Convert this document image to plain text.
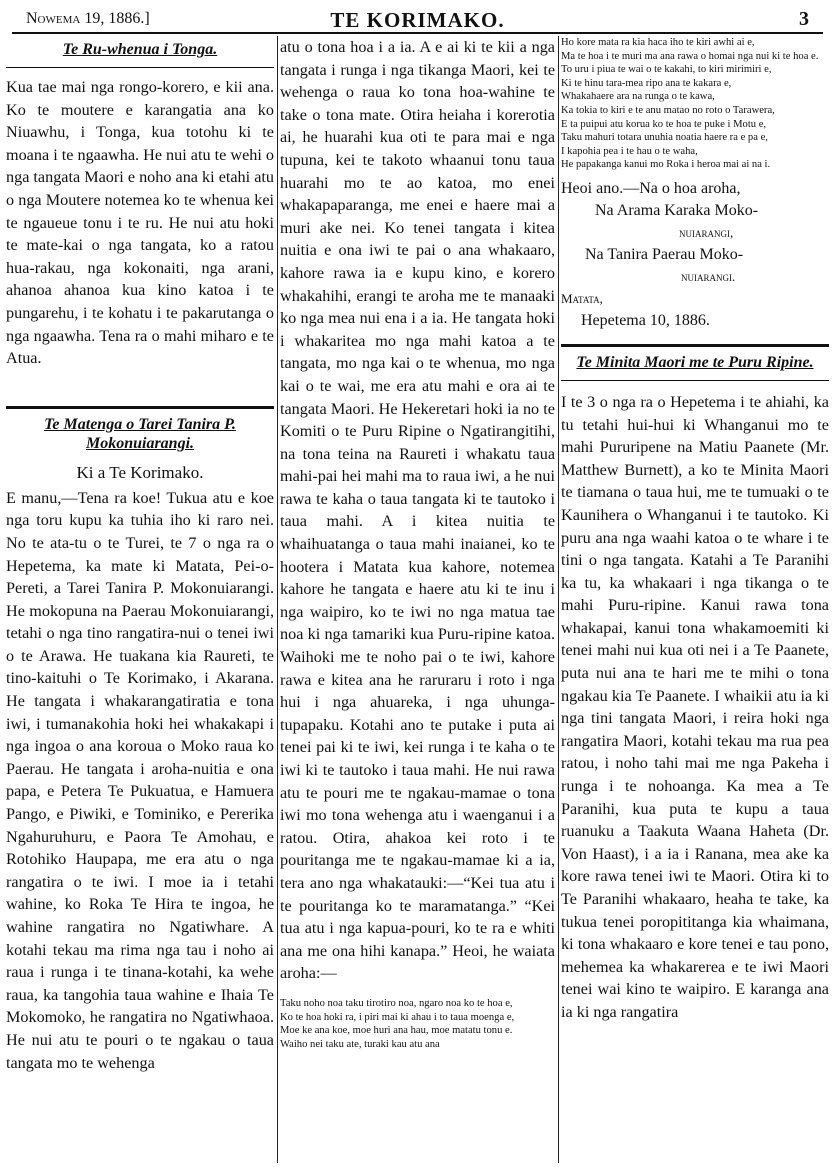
Nowema 19, 1886.]	TE KORIMAKO.	3
Te Ru-whenua i Tonga.

Kua tae mai nga rongo-korero, e kii ana. Ko te moutere e karangatia ana ko Niuawhu, i Tonga, kua totohu ki te moana i te ngaawha. He nui atu te wehi o nga tangata Maori e noho ana ki etahi atu o nga Moutere notemea ko te whenua kei te ngaueue tonu i te ru. He nui atu hoki te mate-kai o nga tangata, ko a ratou hua-rakau, nga kokonaiti, nga arani, ahanoa ahanoa kua kino katoa i te pungarehu, i te kohatu i te pakarutanga o nga ngaawha. Tena ra o mahi miharo e te Atua.

Te Matenga o Tarei Tanira P. Mokonuiarangi.
Ki a Te Korimako.

E manu,—Tena ra koe! Tukua atu e koe nga toru kupu ka tuhia iho ki raro nei. No te ata-tu o te Turei, te 7 o nga ra o Hepetema, ka mate ki Matata, Pei-o-Pereti, a Tarei Tanira P. Mokonuiarangi. He mokopuna na Paerau Mokonuiarangi, tetahi o nga tino rangatira-nui o tenei iwi o te Arawa. He tuakana kia Raureti, te tino-kaituhi o Te Korimako, i Akarana. He tangata i whakarangatiratia e tona iwi, i tumanakohia hoki hei whakakapi i nga ingoa o ana koroua o Moko raua ko Paerau. He tangata i aroha-nuitia e ona papa, e Petera Te Pukuatua, e Hamuera Pango, e Piwiki, e Tominiko, e Pererika Ngahuruhuru, e Paora Te Amohau, e Rotohiko Haupapa, me era atu o nga rangatira o te iwi. I moe ia i tetahi wahine, ko Roka Te Hira te ingoa, he wahine rangatira no Ngatiwhare. A kotahi tekau ma rima nga tau i noho ai raua i runga i te tinana-kotahi, ka wehe raua, ka tangohia taua wahine e Ihaia Te Mokomoko, he rangatira no Ngatiwhaoa. He nui atu te pouri o te ngakau o taua tangata mo te wehenga

atu o tona hoa i a ia. A e ai ki te kii a nga tangata i runga i nga tikanga Maori, kei te wehenga o raua ko tona hoa-wahine te take o tona mate. Otira heiaha i korerotia ai, he huarahi kua oti te para mai e nga tupuna, kei te takoto whaanui tonu taua huarahi mo te ao katoa, mo enei whakapaparanga, me enei e haere mai a muri ake nei. Ko tenei tangata i kitea nuitia e ona iwi te pai o ana whakaaro, kahore rawa ia e kupu kino, e korero whakahihi, erangi te aroha me te manaaki ko nga mea nui ena i a ia. He tangata hoki i whakaritea mo nga mahi katoa a te tangata, mo nga kai o te whenua, mo nga kai o te wai, me era atu mahi e ora ai te tangata Maori. He Hekeretari hoki ia no te Komiti o te Puru Ripine o Ngatirangitihi, na tona teina na Raureti i whakatu taua mahi-pai hei mahi ma to raua iwi, a he nui rawa te kaha o taua tangata ki te tautoko i taua mahi. A i kitea nuitia te whaihuatanga o taua mahi inaianei, ko te hootera i Matata kua kahore, notemea kahore he tangata e haere atu ki te inu i nga waipiro, ko te iwi no nga matua tae noa ki nga tamariki kua Puru-ripine katoa. Waihoki me te noho pai o te iwi, kahore rawa e kitea ana he raruraru i roto i nga hui i nga ahuareka, i nga uhunga-tupapaku. Kotahi ano te putake i puta ai tenei pai ki te iwi, kei runga i te kaha o te iwi ki te tautoko i taua mahi. He nui rawa atu te pouri me te ngakau-mamae o tona iwi mo tona wehenga atu i waenganui i a ratou. Otira, ahakoa kei roto i te pouritanga me te ngakau-mamae ki a ia, tera ano nga whakatauki:—“Kei tua atu i te pouritanga ko te maramatanga.” “Kei tua atu i nga kapua-pouri, ko te ra e whiti ana me ona hihi kanapa.” Heoi, he waiata aroha:—

Taku noho noa taku tirotiro noa, ngaro noa ko te hoa e,

Ko te hoa hoki ra, i piri mai ki ahau i to taua moenga e,

Moe ke ana koe, moe huri ana hau, moe matatu tonu e.

Waiho nei taku ate, turaki kau atu ana

Ho kore mata ra kia haca iho te kiri awhi ai e,

Ma te hoa i te muri ma ana rawa o homai nga nui ki te hoa e.

To uru i piua te wai o te kakahi, to kiri mirimiri e,

Ki te hinu tara-mea ripo ana te kakara e,

Whakahaere ara na runga o te kawa,

Ka tokia to kiri e te anu matao no roto o Tarawera,

E ta puipui atu korua ko te hoa te puke i Motu e,

Taku mahuri totara unuhia noatia haere ra e pa e,

I kapohia pea i te hau o te waha,

He papakanga kanui mo Roka i heroa mai ai na i.

Heoi ano.—Na o hoa aroha,

Na Arama Karaka Moko-

nuiarangi,

Na Tanira Paerau Moko-

nuiarangi.

Matata,

Hepetema 10, 1886.

Te Minita Maori me te Puru Ripine.

I te 3 o nga ra o Hepetema i te ahiahi, ka tu tetahi hui-hui ki Whanganui mo te mahi Pururipene na Matiu Paanete (Mr. Matthew Burnett), a ko te Minita Maori te tiamana o taua hui, me te tumuaki o te Kaunihera o Whanganui i te tautoko. Ki puru ana nga waahi katoa o te whare i te tini o nga tangata. Katahi a Te Paranihi ka tu, ka whakaari i nga tikanga o te mahi Puru-ripine. Kanui rawa tona whakapai, kanui tona whakamoemiti ki tenei mahi nui kua oti nei i a Te Paanete, puta nui ana te hari me te mihi o tona ngakau kia Te Paanete. I whaikii atu ia ki nga tini tangata Maori, i reira hoki nga rangatira Maori, kotahi tekau ma rua pea ratou, i noho tahi mai me nga Pakeha i runga i te nohoanga. Ka mea a Te Paranihi, kua puta te kupu a taua ruanuku a Taakuta Waana Haheta (Dr. Von Haast), i a ia i Ranana, mea ake ka kore rawa tenei iwi te Maori. Otira ki to Te Paranihi whakaaro, heaha te take, ka tukua tenei poropititanga kia whaimana, ki tona whakaaro e kore tenei e tau pono, mehemea ka whakarerea e te iwi Maori tenei wai kino te waipiro. E karanga ana ia ki nga rangatira
